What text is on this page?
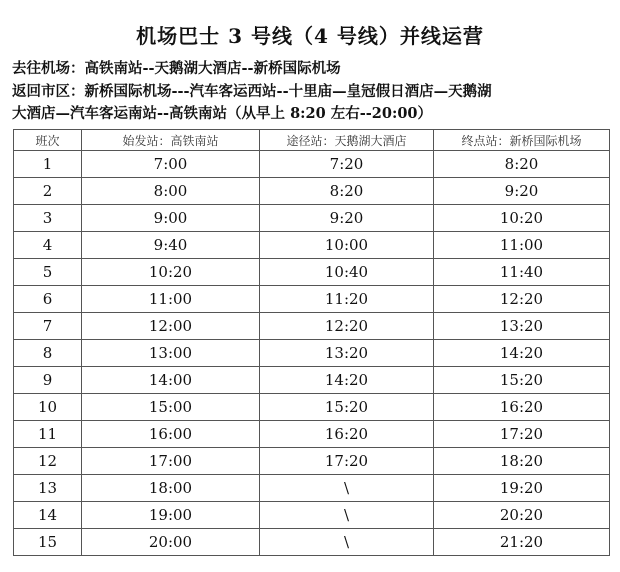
机场巴士 3 号线（4 号线）并线运营
去往机场：高铁南站--天鹅湖大酒店--新桥国际机场
返回市区：新桥国际机场---汽车客运西站--十里庙—皇冠假日酒店—天鹅湖
大酒店—汽车客运南站--高铁南站（从早上 8:20 左右--20:00）
班次	始发站：高铁南站	途径站：天鹅湖大酒店	终点站：新桥国际机场
1	7:00	7:20	8:20
2	8:00	8:20	9:20
3	9:00	9:20	10:20
4	9:40	10:00	11:00
5	10:20	10:40	11:40
6	11:00	11:20	12:20
7	12:00	12:20	13:20
8	13:00	13:20	14:20
9	14:00	14:20	15:20
10	15:00	15:20	16:20
11	16:00	16:20	17:20
12	17:00	17:20	18:20
13	18:00	\	19:20
14	19:00	\	20:20
15	20:00	\	21:20
